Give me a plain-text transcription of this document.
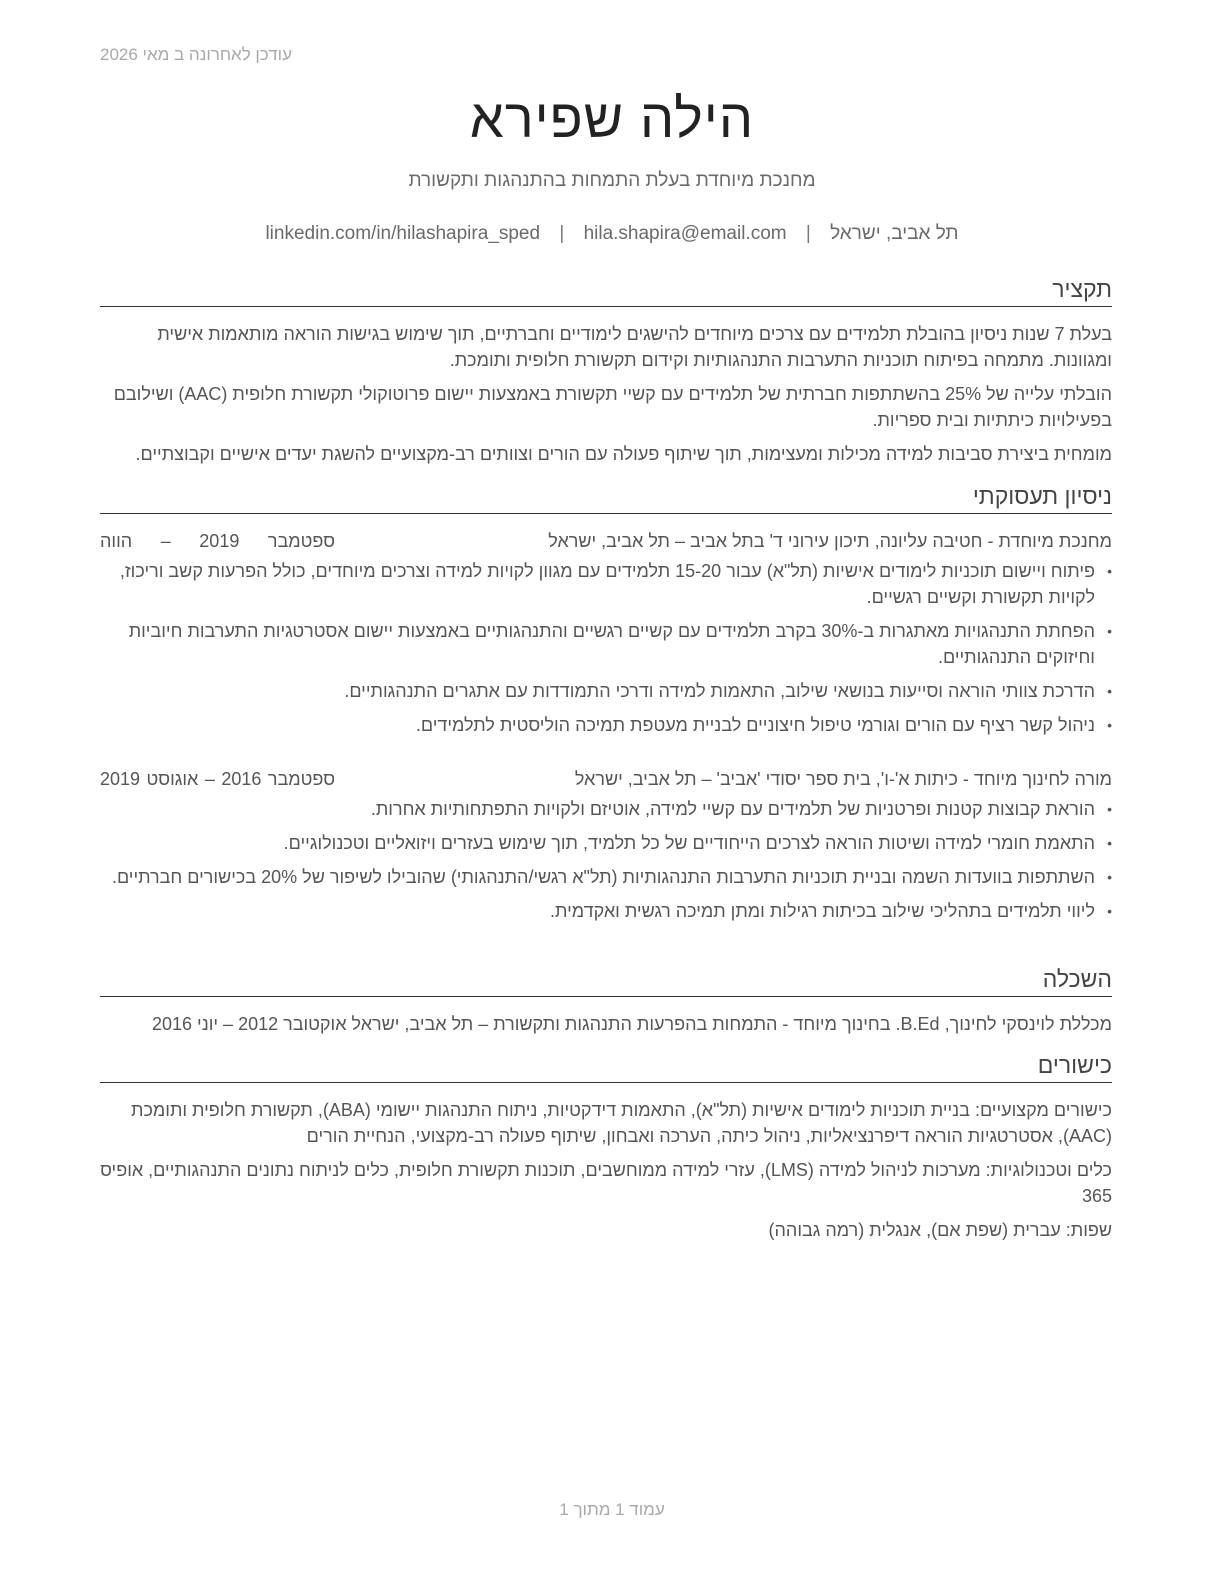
עודכן לאחרונה ב מאי 2026
הילה שפירא
מחנכת מיוחדת בעלת התמחות בהתנהגות ותקשורת
תל אביב, ישראל | hila.shapira@email.com | linkedin.com/in/hilashapira_sped
תקציר

בעלת 7 שנות ניסיון בהובלת תלמידים עם צרכים מיוחדים להישגים לימודיים וחברתיים, תוך שימוש בגישות הוראה מותאמות אישית ומגוונות. מתמחה בפיתוח תוכניות התערבות התנהגותיות וקידום תקשורת חלופית ותומכת.

הובלתי עלייה של 25% בהשתתפות חברתית של תלמידים עם קשיי תקשורת באמצעות יישום פרוטוקולי תקשורת חלופית (AAC) ושילובם בפעילויות כיתתיות ובית ספריות.

מומחית ביצירת סביבות למידה מכילות ומעצימות, תוך שיתוף פעולה עם הורים וצוותים רב-מקצועיים להשגת יעדים אישיים וקבוצתיים.

ניסיון תעסוקתי
מחנכת מיוחדת - חטיבה עליונה, תיכון עירוני ד' בתל אביב – תל אביב, ישראל
ספטמבר 2019 – הווה
• פיתוח ויישום תוכניות לימודים אישיות (תל"א) עבור 15-20 תלמידים עם מגוון לקויות למידה וצרכים מיוחדים, כולל הפרעות קשב וריכוז, לקויות תקשורת וקשיים רגשיים.
• הפחתת התנהגויות מאתגרות ב-30% בקרב תלמידים עם קשיים רגשיים והתנהגותיים באמצעות יישום אסטרטגיות התערבות חיוביות וחיזוקים התנהגותיים.
• הדרכת צוותי הוראה וסייעות בנושאי שילוב, התאמות למידה ודרכי התמודדות עם אתגרים התנהגותיים.
• ניהול קשר רציף עם הורים וגורמי טיפול חיצוניים לבניית מעטפת תמיכה הוליסטית לתלמידים.
מורה לחינוך מיוחד - כיתות א'-ו', בית ספר יסודי 'אביב' – תל אביב, ישראל
ספטמבר 2016 – אוגוסט 2019
• הוראת קבוצות קטנות ופרטניות של תלמידים עם קשיי למידה, אוטיזם ולקויות התפתחותיות אחרות.
• התאמת חומרי למידה ושיטות הוראה לצרכים הייחודיים של כל תלמיד, תוך שימוש בעזרים ויזואליים וטכנולוגיים.
• השתתפות בוועדות השמה ובניית תוכניות התערבות התנהגותיות (תל"א רגשי/התנהגותי) שהובילו לשיפור של 20% בכישורים חברתיים.
• ליווי תלמידים בתהליכי שילוב בכיתות רגילות ומתן תמיכה רגשית ואקדמית.
השכלה

מכללת לוינסקי לחינוך, B.Ed. בחינוך מיוחד - התמחות בהפרעות התנהגות ותקשורת – תל אביב, ישראל אוקטובר 2012 – יוני 2016

כישורים

כישורים מקצועיים: בניית תוכניות לימודים אישיות (תל"א), התאמות דידקטיות, ניתוח התנהגות יישומי (ABA), תקשורת חלופית ותומכת (AAC), אסטרטגיות הוראה דיפרנציאליות, ניהול כיתה, הערכה ואבחון, שיתוף פעולה רב-מקצועי, הנחיית הורים

כלים וטכנולוגיות: מערכות לניהול למידה (LMS), עזרי למידה ממוחשבים, תוכנות תקשורת חלופית, כלים לניתוח נתונים התנהגותיים, אופיס 365

שפות: עברית (שפת אם), אנגלית (רמה גבוהה)

עמוד 1 מתוך 1
